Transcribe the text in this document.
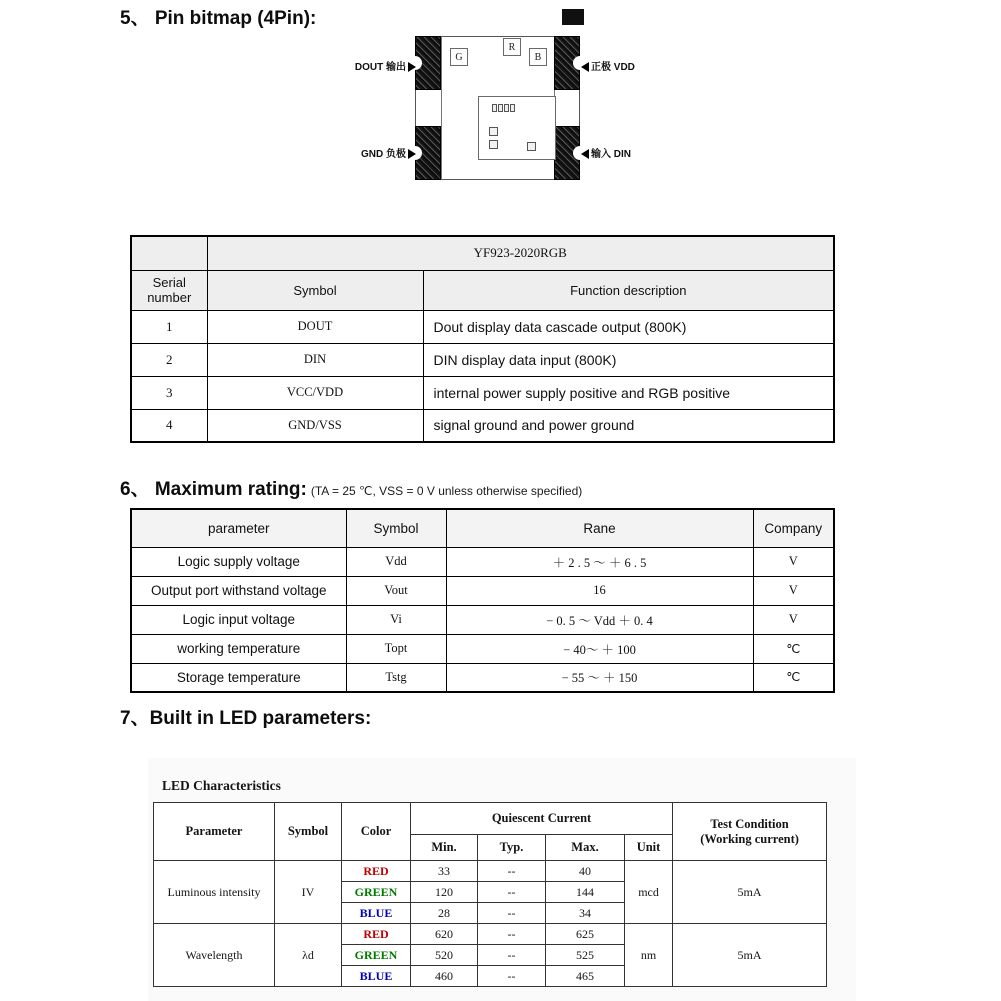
5、 Pin bitmap (4Pin):
G
R
B
DOUT 输出	正极 VDD
GND 负极	输入 DIN
	YF923-2020RGB	
Serial number	Symbol	Function description
1	DOUT	Dout display data cascade output (800K)
2	DIN	DIN display data input (800K)
3	VCC/VDD	internal power supply positive and RGB positive
4	GND/VSS	signal ground and power ground
6、 Maximum rating: (TA = 25 ℃, VSS = 0 V unless otherwise specified)
parameter	Symbol	Rane	Company
Logic supply voltage	Vdd	＋ 2 . 5 ～ ＋ 6 . 5	V
Output port withstand voltage	Vout	16	V
Logic input voltage	Vi	− 0. 5 ～ Vdd ＋ 0. 4	V
working temperature	Topt	− 40～ ＋ 100	℃
Storage temperature	Tstg	− 55 ～ ＋ 150	℃
7、Built in LED parameters:
LED Characteristics
Parameter	Symbol	Color	Quiescent Current				Test Condition
(Working current)

			Min.	Typ.	Max.	Unit	
Luminous intensity	IV	RED	33	--	40	mcd	5mA
		GREEN	120	--	144		
		BLUE	28	--	34		
Wavelength	λd	RED	620	--	625	nm	5mA
		GREEN	520	--	525		
		BLUE	460	--	465		
